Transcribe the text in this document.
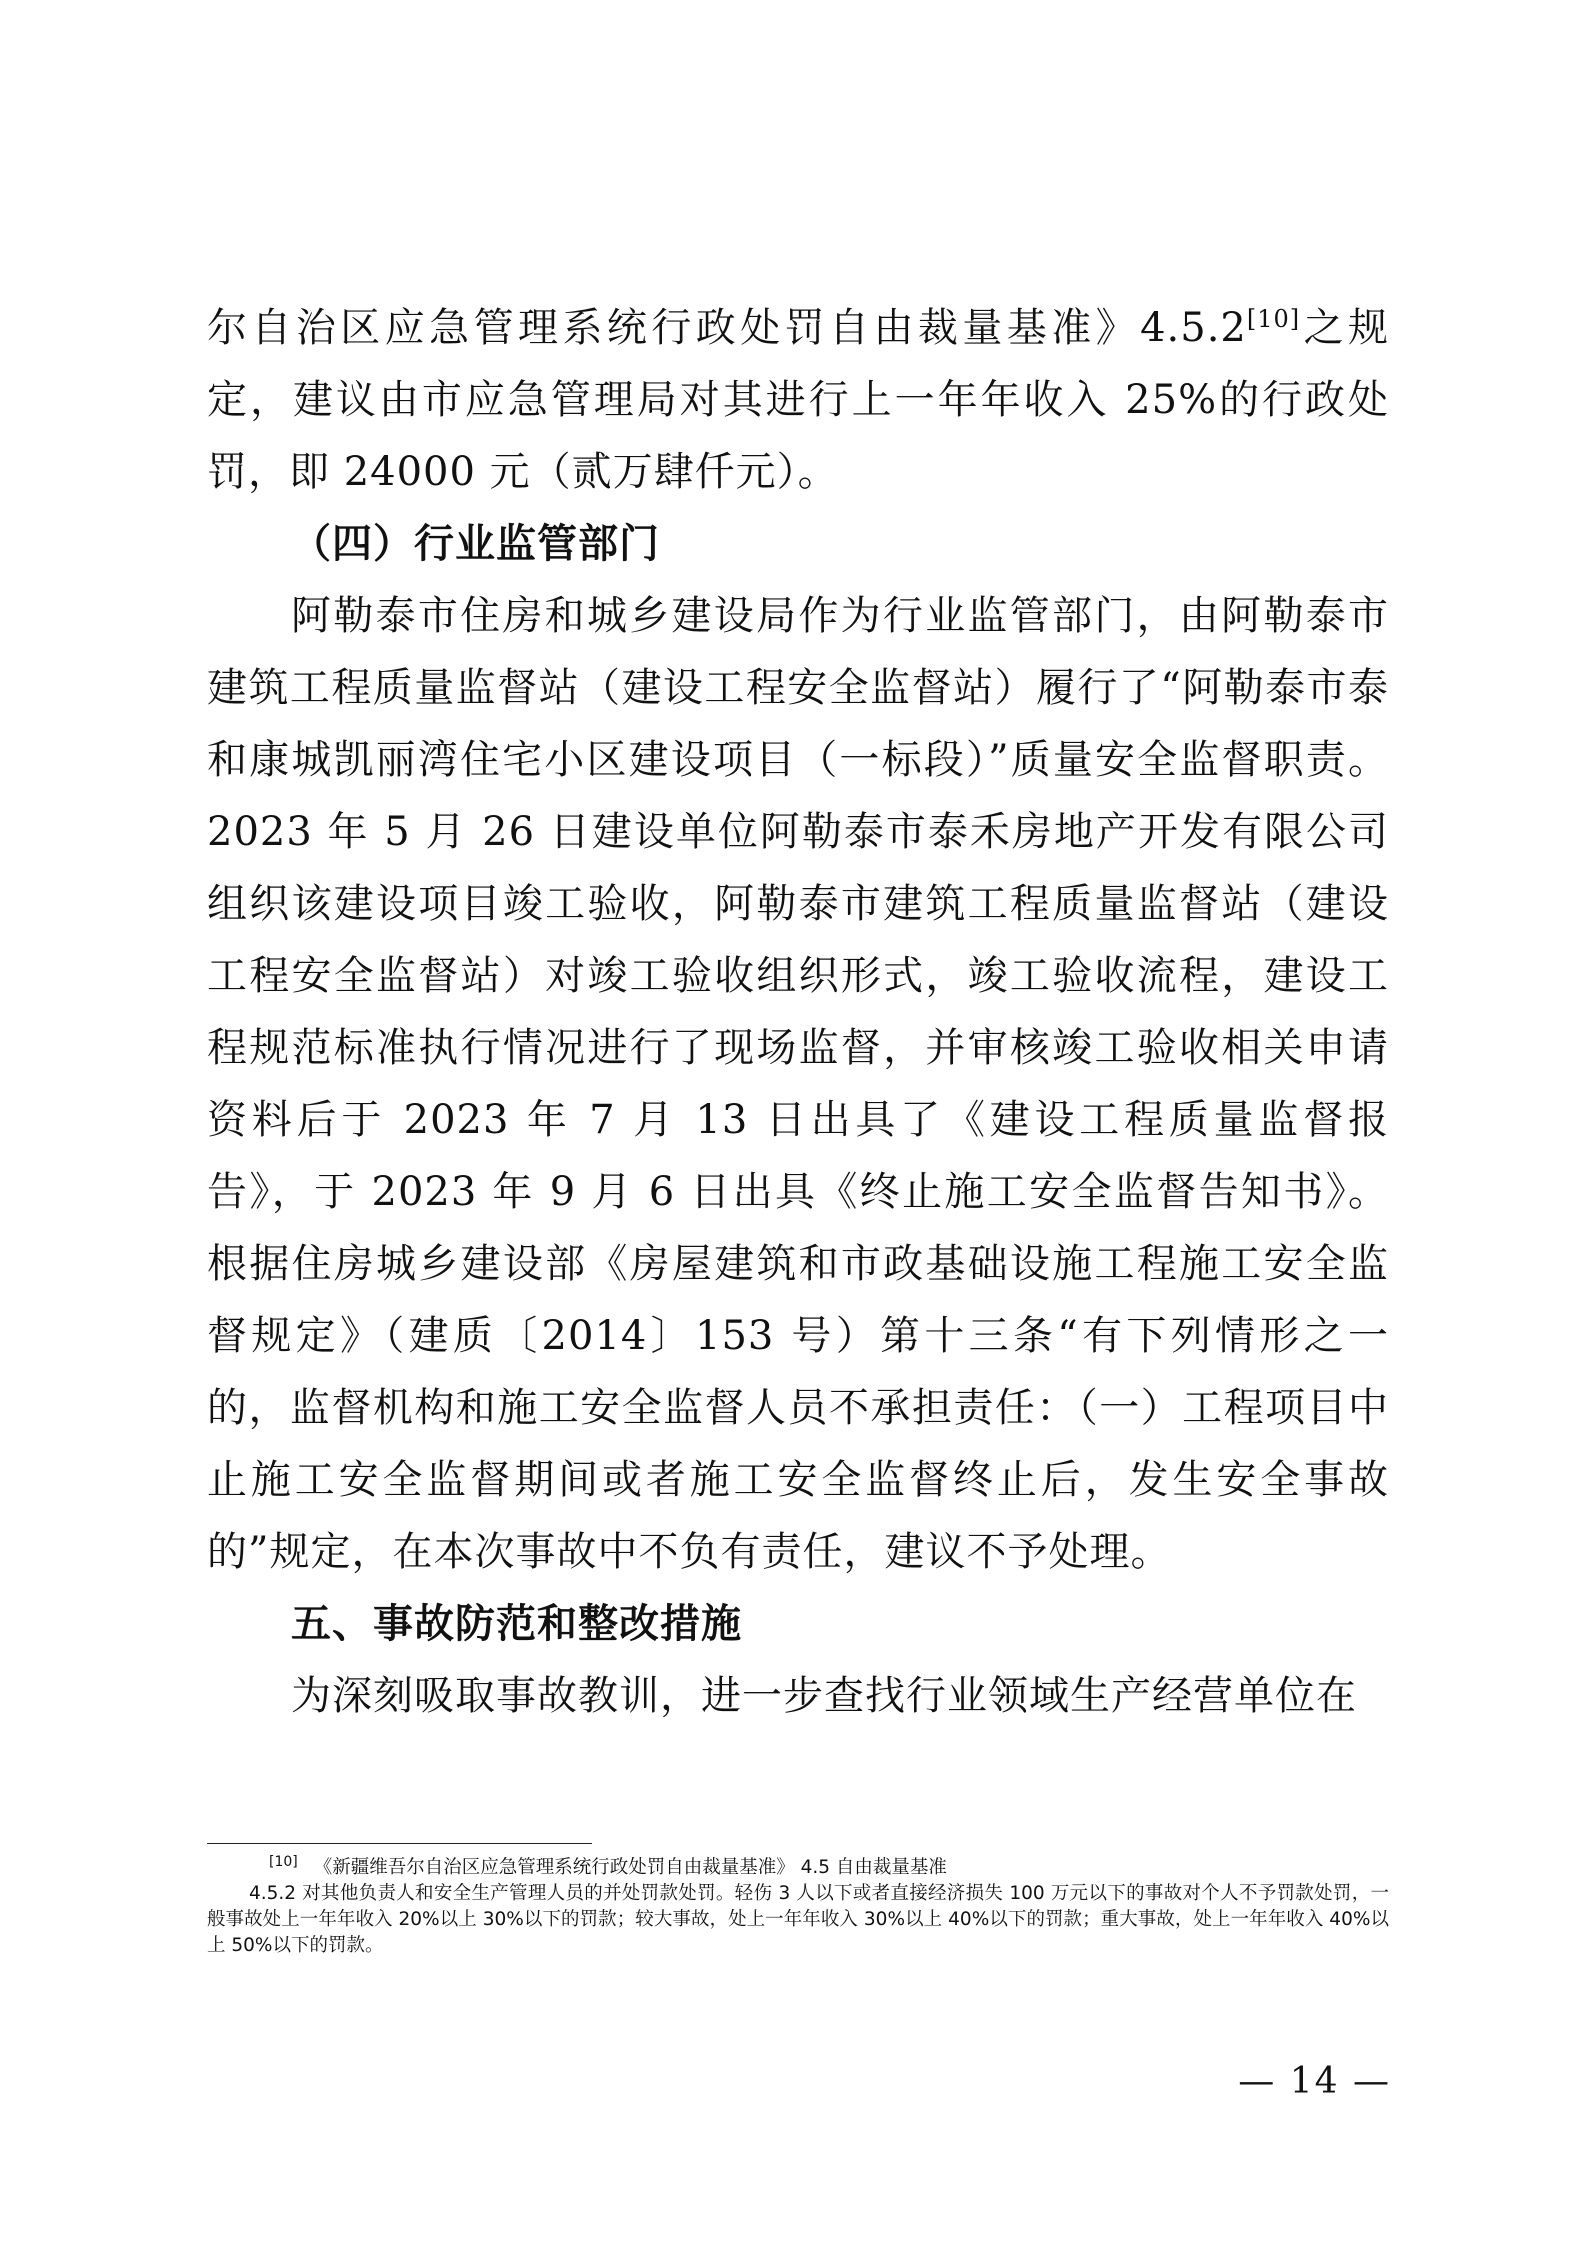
尔自治区应急管理系统行政处罚自由裁量基准》4.5.2[10]之规定，建议由市应急管理局对其进行上一年年收入 25%的行政处罚，即 24000 元（贰万肆仟元）。

（四）行业监管部门

阿勒泰市住房和城乡建设局作为行业监管部门，由阿勒泰市建筑工程质量监督站（建设工程安全监督站）履行了“阿勒泰市泰和康城凯丽湾住宅小区建设项目（一标段）”质量安全监督职责。2023 年 5 月 26 日建设单位阿勒泰市泰禾房地产开发有限公司组织该建设项目竣工验收，阿勒泰市建筑工程质量监督站（建设工程安全监督站）对竣工验收组织形式，竣工验收流程，建设工程规范标准执行情况进行了现场监督，并审核竣工验收相关申请资料后于 2023 年 7 月 13 日出具了《建设工程质量监督报告》，于 2023 年 9 月 6 日出具《终止施工安全监督告知书》。根据住房城乡建设部《房屋建筑和市政基础设施工程施工安全监督规定》（建质〔2014〕153 号）第十三条“有下列情形之一的，监督机构和施工安全监督人员不承担责任：（一）工程项目中止施工安全监督期间或者施工安全监督终止后，发生安全事故的”规定，在本次事故中不负有责任，建议不予处理。

五、事故防范和整改措施

为深刻吸取事故教训，进一步查找行业领域生产经营单位在

[10] 《新疆维吾尔自治区应急管理系统行政处罚自由裁量基准》 4.5 自由裁量基准

4.5.2 对其他负责人和安全生产管理人员的并处罚款处罚。轻伤 3 人以下或者直接经济损失 100 万元以下的事故对个人不予罚款处罚，一般事故处上一年年收入 20%以上 30%以下的罚款；较大事故，处上一年年收入 30%以上 40%以下的罚款；重大事故，处上一年年收入 40%以上 50%以下的罚款。

— 14 —
